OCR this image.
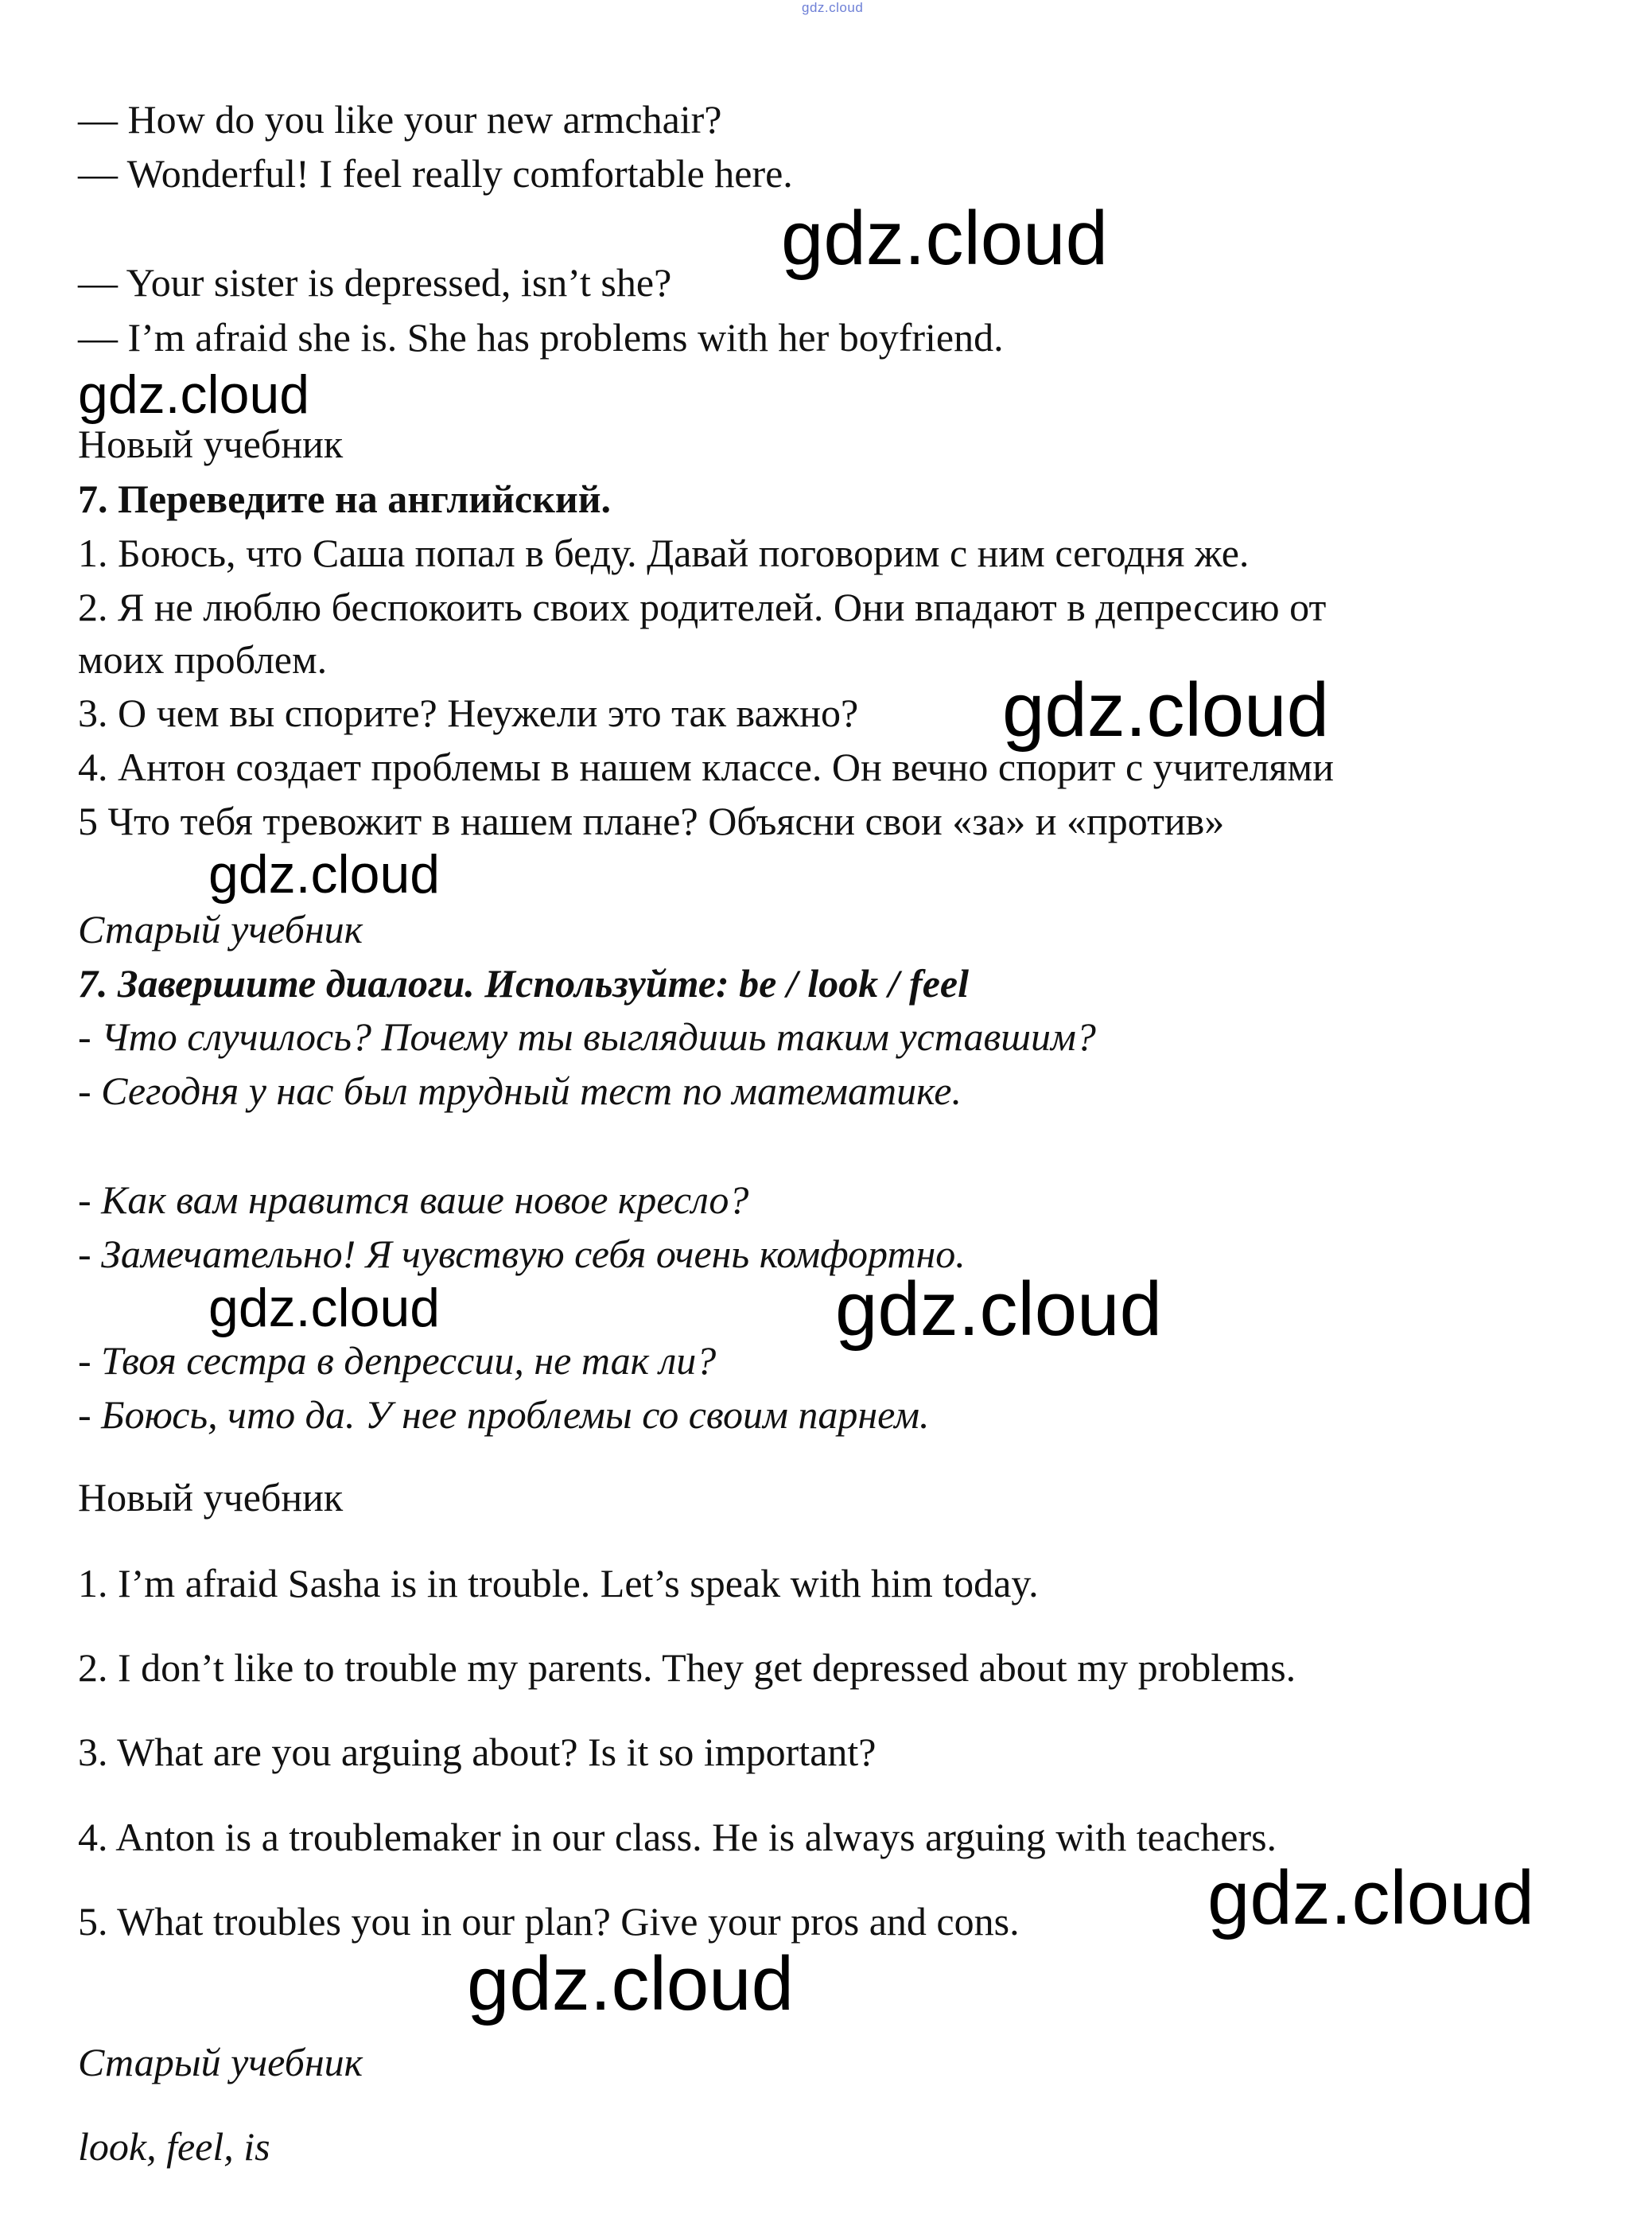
gdz.cloud
— How do you like your new armchair?
— Wonderful! I feel really comfortable here.
— Your sister is depressed, isn’t she?
— I’m afraid she is. She has problems with her boyfriend.
Новый учебник
7. Переведите на английский.
1. Боюсь, что Саша попал в беду. Давай поговорим с ним сегодня же.
2. Я не люблю беспокоить своих родителей. Они впадают в депрессию от
моих проблем.
3. О чем вы спорите? Неужели это так важно?
4. Антон создает проблемы в нашем классе. Он вечно спорит с учителями
5 Что тебя тревожит в нашем плане? Объясни свои «за» и «против»
Старый учебник
7. Завершите диалоги. Используйте: be / look / feel
- Что случилось? Почему ты выглядишь таким уставшим?
- Сегодня у нас был трудный тест по математике.
- Как вам нравится ваше новое кресло?
- Замечательно! Я чувствую себя очень комфортно.
- Твоя сестра в депрессии, не так ли?
- Боюсь, что да. У нее проблемы со своим парнем.
Новый учебник
1. I’m afraid Sasha is in trouble. Let’s speak with him today.
2. I don’t like to trouble my parents. They get depressed about my problems.
3. What are you arguing about? Is it so important?
4. Anton is a troublemaker in our class. He is always arguing with teachers.
5. What troubles you in our plan? Give your pros and cons.
Старый учебник
look, feel, is
gdz.cloud
gdz.cloud
gdz.cloud
gdz.cloud
gdz.cloud	gdz.cloud
gdz.cloud
gdz.cloud
